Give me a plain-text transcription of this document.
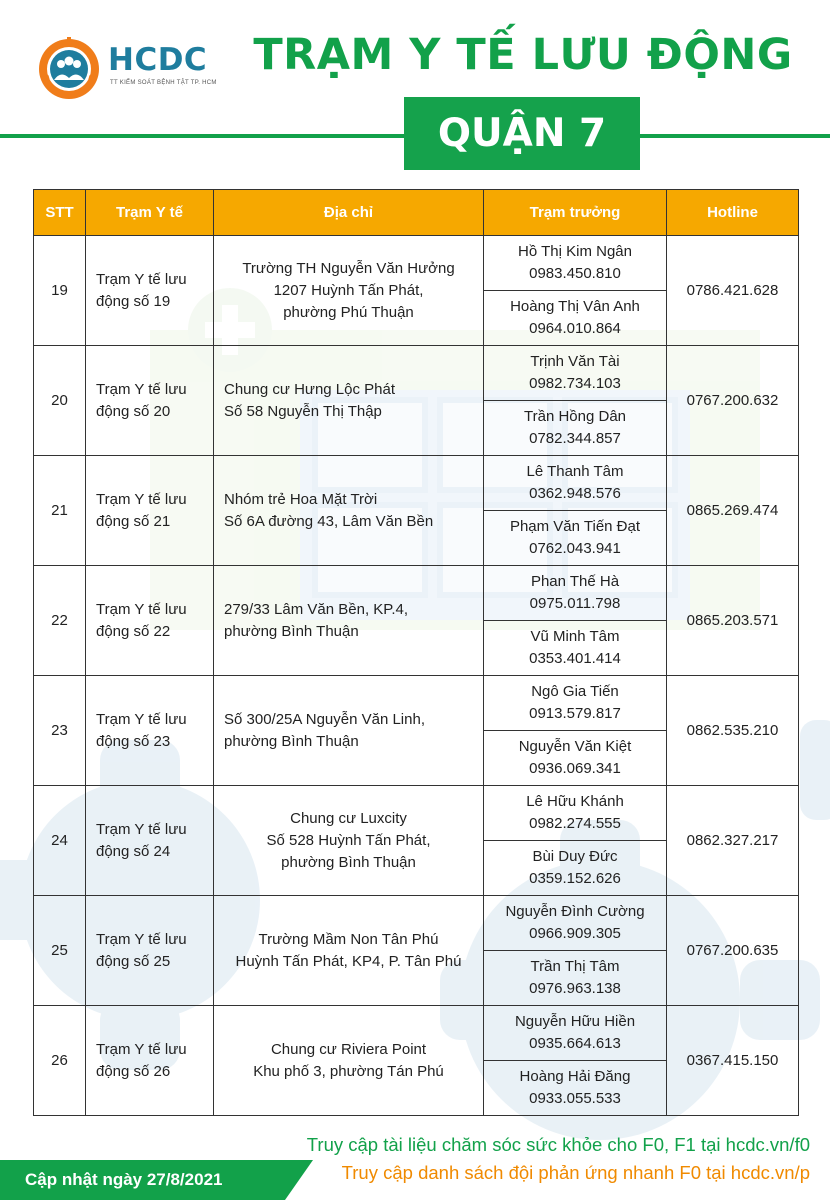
HCDC
TT KIỂM SOÁT BỆNH TẬT TP. HCM
TRẠM Y TẾ LƯU ĐỘNG
QUẬN 7
STT	Trạm Y tế	Địa chỉ	Trạm trưởng	Hotline
19	Trạm Y tế lưu
động số 19	Trường TH Nguyễn Văn Hưởng
1207 Huỳnh Tấn Phát,
phường Phú Thuận	Hồ Thị Kim Ngân
0983.450.810	0786.421.628

			Hoàng Thị Vân Anh
0964.010.864	

20	Trạm Y tế lưu
động số 20	Chung cư Hưng Lộc Phát
Số 58 Nguyễn Thị Thập	Trịnh Văn Tài
0982.734.103	0767.200.632

			Trần Hồng Dân
0782.344.857	

21	Trạm Y tế lưu
động số 21	Nhóm trẻ Hoa Mặt Trời
Số 6A đường 43, Lâm Văn Bền	Lê Thanh Tâm
0362.948.576	0865.269.474

			Phạm Văn Tiến Đạt
0762.043.941	

22	Trạm Y tế lưu
động số 22	279/33 Lâm Văn Bền, KP.4,
phường Bình Thuận	Phan Thế Hà
0975.011.798	0865.203.571

			Vũ Minh Tâm
0353.401.414	

23	Trạm Y tế lưu
động số 23	Số 300/25A Nguyễn Văn Linh,
phường Bình Thuận	Ngô Gia Tiến
0913.579.817	0862.535.210

			Nguyễn Văn Kiệt
0936.069.341	

24	Trạm Y tế lưu
động số 24	Chung cư Luxcity
Số 528 Huỳnh Tấn Phát,
phường Bình Thuận	Lê Hữu Khánh
0982.274.555	0862.327.217

			Bùi Duy Đức
0359.152.626	

25	Trạm Y tế lưu
động số 25	Trường Mầm Non Tân Phú
Huỳnh Tấn Phát, KP4, P. Tân Phú	Nguyễn Đình Cường
0966.909.305	0767.200.635

			Trần Thị Tâm
0976.963.138	

26	Trạm Y tế lưu
động số 26	Chung cư Riviera Point
Khu phố 3, phường Tán Phú	Nguyễn Hữu Hiền
0935.664.613	0367.415.150

			Hoàng Hải Đăng
0933.055.533	
Truy cập tài liệu chăm sóc sức khỏe cho F0, F1 tại hcdc.vn/f0
Truy cập danh sách đội phản ứng nhanh F0 tại hcdc.vn/p
Cập nhật ngày 27/8/2021
